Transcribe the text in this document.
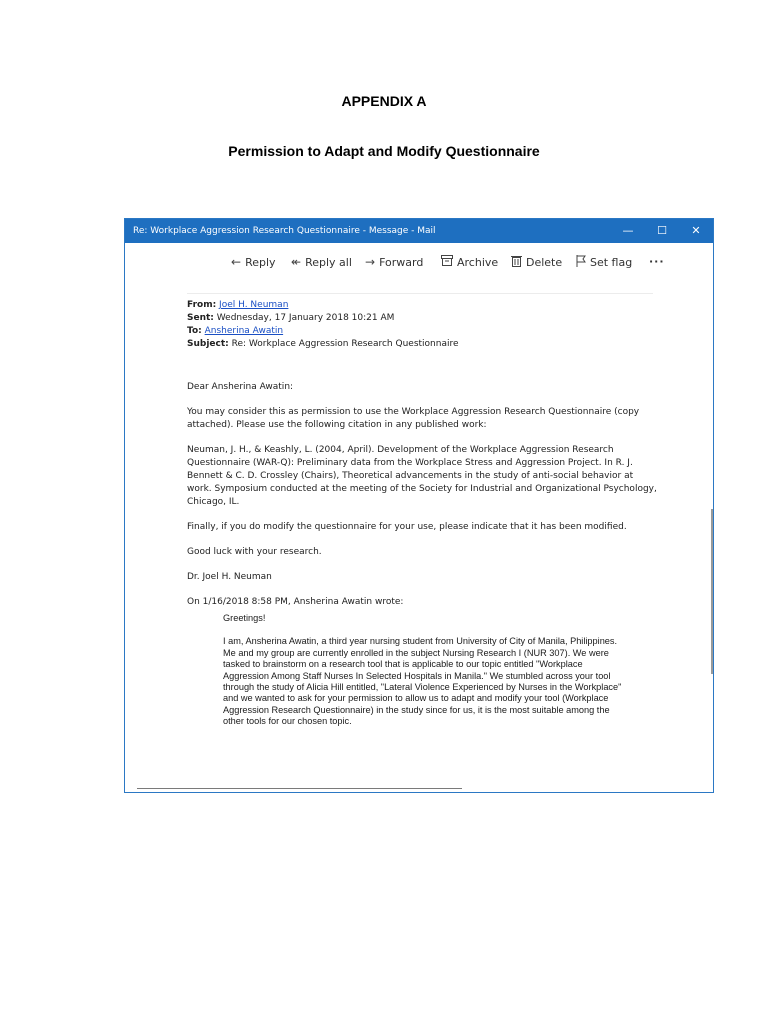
APPENDIX A
Permission to Adapt and Modify Questionnaire
Re: Workplace Aggression Research Questionnaire - Message - Mail	—	☐	✕
← Reply ↞ Reply all → Forward	Archive	Delete	Set flag ···
From: Joel H. Neuman
Sent: Wednesday, 17 January 2018 10:21 AM
To: Ansherina Awatin
Subject: Re: Workplace Aggression Research Questionnaire

Dear Ansherina Awatin:

You may consider this as permission to use the Workplace Aggression Research Questionnaire (copy attached). Please use the following citation in any published work:

Neuman, J. H., & Keashly, L. (2004, April). Development of the Workplace Aggression Research Questionnaire (WAR-Q): Preliminary data from the Workplace Stress and Aggression Project. In R. J. Bennett & C. D. Crossley (Chairs), Theoretical advancements in the study of anti-social behavior at work. Symposium conducted at the meeting of the Society for Industrial and Organizational Psychology, Chicago, IL.

Finally, if you do modify the questionnaire for your use, please indicate that it has been modified.

Good luck with your research.

Dr. Joel H. Neuman

On 1/16/2018 8:58 PM, Ansherina Awatin wrote:

Greetings!

I am, Ansherina Awatin, a third year nursing student from University of City of Manila, Philippines. Me and my group are currently enrolled in the subject Nursing Research I (NUR 307). We were tasked to brainstorm on a research tool that is applicable to our topic entitled "Workplace Aggression Among Staff Nurses In Selected Hospitals in Manila." We stumbled across your tool through the study of Alicia Hill entitled, "Lateral Violence Experienced by Nurses in the Workplace" and we wanted to ask for your permission to allow us to adapt and modify your tool (Workplace Aggression Research Questionnaire) in the study since for us, it is the most suitable among the other tools for our chosen topic.
